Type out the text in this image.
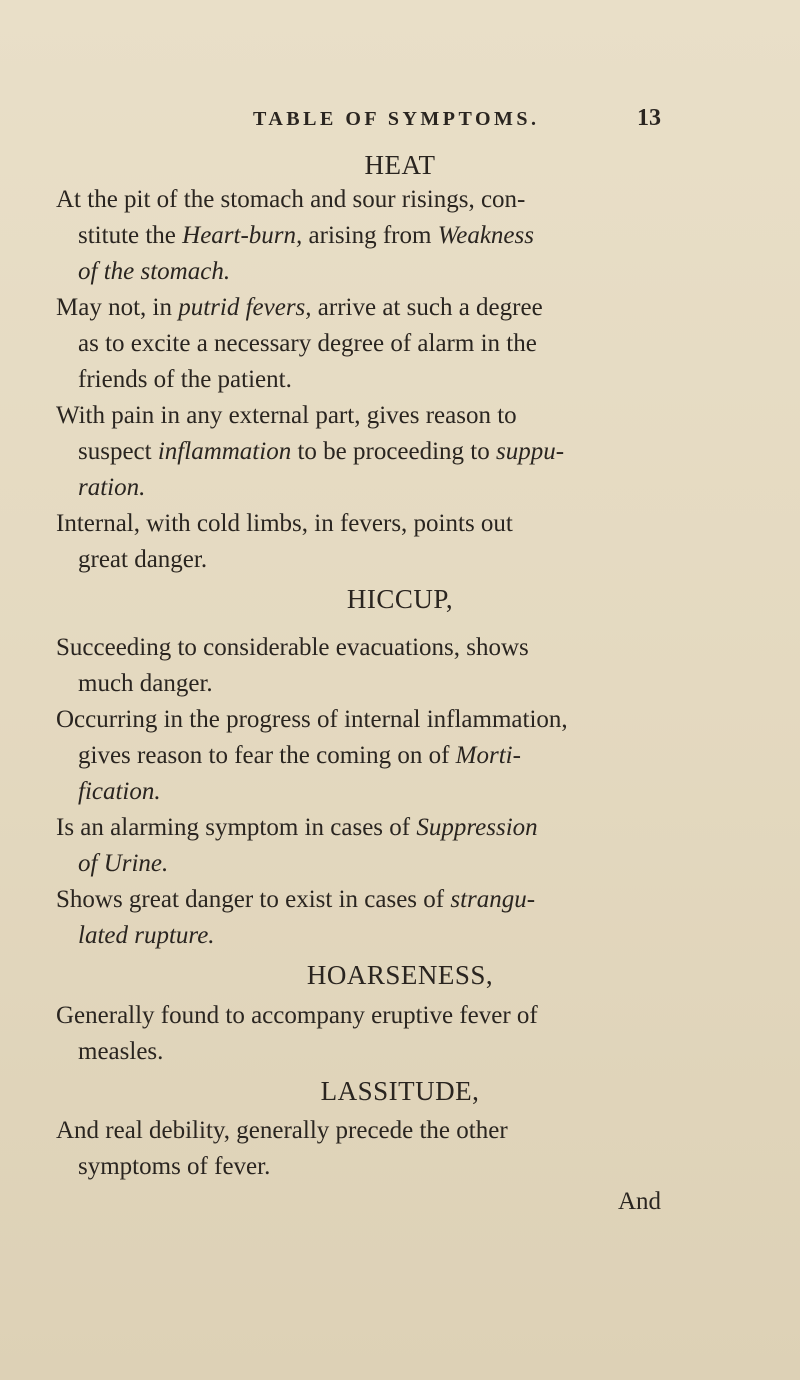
TABLE OF SYMPTOMS.	13
HEAT
At the pit of the stomach and sour risings, con-
stitute the Heart-burn, arising from Weakness
of the stomach.
May not, in putrid fevers, arrive at such a degree
as to excite a necessary degree of alarm in the
friends of the patient.
With pain in any external part, gives reason to
suspect inflammation to be proceeding to suppu-
ration.
Internal, with cold limbs, in fevers, points out
great danger.
HICCUP,
Succeeding to considerable evacuations, shows
much danger.
Occurring in the progress of internal inflammation,
gives reason to fear the coming on of Morti-
fication.
Is an alarming symptom in cases of Suppression
of Urine.
Shows great danger to exist in cases of strangu-
lated rupture.
HOARSENESS,
Generally found to accompany eruptive fever of
measles.
LASSITUDE,
And real debility, generally precede the other
symptoms of fever.
And
